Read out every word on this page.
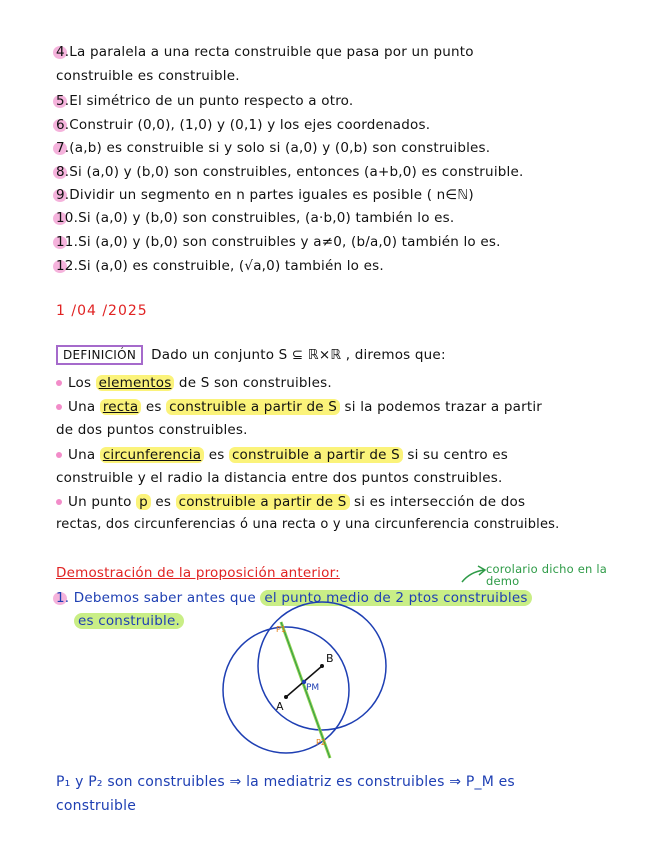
4.La paralela a una recta construible que pasa por un punto
construible es construible.
5.El simétrico de un punto respecto a otro.
6.Construir (0,0), (1,0) y (0,1) y los ejes coordenados.
7.(a,b) es construible si y solo si (a,0) y (0,b) son construibles.
8.Si (a,0) y (b,0) son construibles, entonces (a+b,0) es construible.
9.Dividir un segmento en n partes iguales es posible ( n∈ℕ)
10.Si (a,0) y (b,0) son construibles, (a·b,0) también lo es.
11.Si (a,0) y (b,0) son construibles y a≠0, (b/a,0) también lo es.
12.Si (a,0) es construible, (√a,0) también lo es.
1 /04 /2025
DEFINICIÓN Dado un conjunto S ⊆ ℝ×ℝ , diremos que:
Los elementos de S son construibles.
Una recta es construible a partir de S si la podemos trazar a partir
de dos puntos construibles.
Una circunferencia es construible a partir de S si su centro es
construible y el radio la distancia entre dos puntos construibles.
Un punto p es construible a partir de S si es intersección de dos
rectas, dos circunferencias ó una recta o y una circunferencia construibles.
Demostración de la proposición anterior:	corolario dicho en la demo
1. Debemos saber antes que el punto medio de 2 ptos construibles
es construible.
P₁ y P₂ son construibles ⇒ la mediatriz es construibles ⇒ P_M es
construible
B
A
PM
P1
P2
